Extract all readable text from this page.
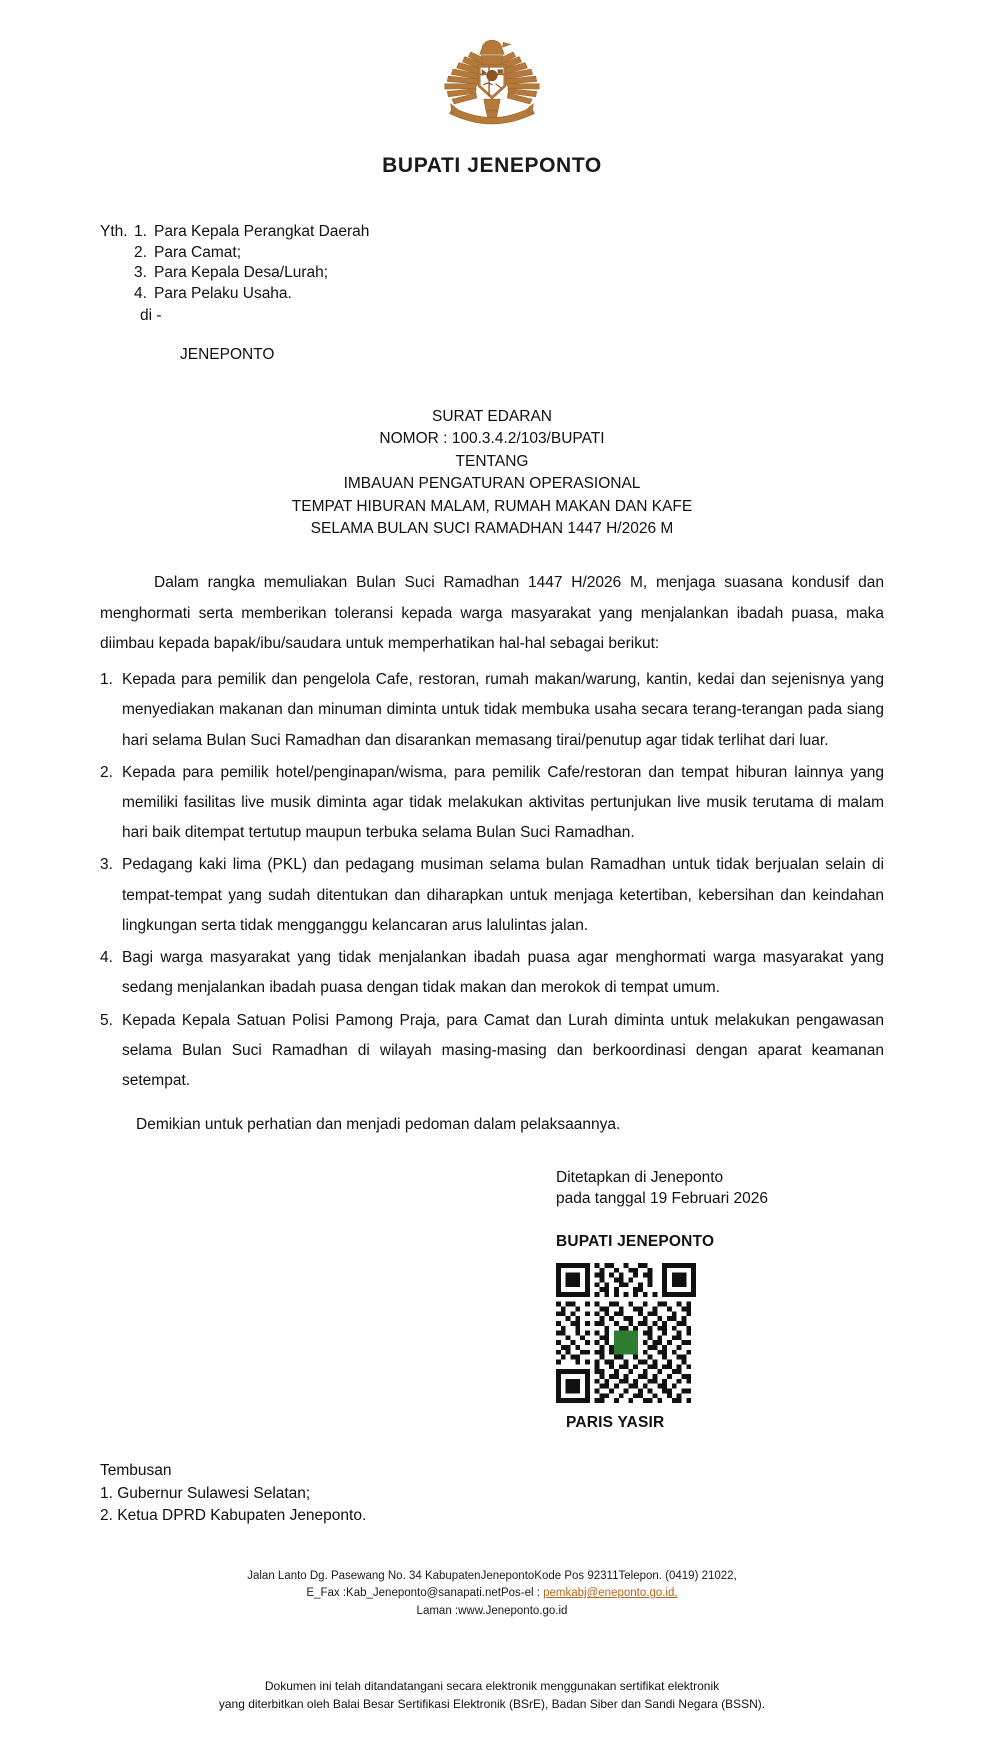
BUPATI JENEPONTO
Yth. 1. Para Kepala Perangkat Daerah
2. Para Camat;
3. Para Kepala Desa/Lurah;
4. Para Pelaku Usaha.
di -
JENEPONTO
SURAT EDARAN
NOMOR : 100.3.4.2/103/BUPATI
TENTANG
IMBAUAN PENGATURAN OPERASIONAL
TEMPAT HIBURAN MALAM, RUMAH MAKAN DAN KAFE
SELAMA BULAN SUCI RAMADHAN 1447 H/2026 M

Dalam rangka memuliakan Bulan Suci Ramadhan 1447 H/2026 M, menjaga suasana kondusif dan menghormati serta memberikan toleransi kepada warga masyarakat yang menjalankan ibadah puasa, maka diimbau kepada bapak/ibu/saudara untuk memperhatikan hal-hal sebagai berikut:

1. Kepada para pemilik dan pengelola Cafe, restoran, rumah makan/warung, kantin, kedai dan sejenisnya yang menyediakan makanan dan minuman diminta untuk tidak membuka usaha secara terang-terangan pada siang hari selama Bulan Suci Ramadhan dan disarankan memasang tirai/penutup agar tidak terlihat dari luar.
2. Kepada para pemilik hotel/penginapan/wisma, para pemilik Cafe/restoran dan tempat hiburan lainnya yang memiliki fasilitas live musik diminta agar tidak melakukan aktivitas pertunjukan live musik terutama di malam hari baik ditempat tertutup maupun terbuka selama Bulan Suci Ramadhan.
3. Pedagang kaki lima (PKL) dan pedagang musiman selama bulan Ramadhan untuk tidak berjualan selain di tempat-tempat yang sudah ditentukan dan diharapkan untuk menjaga ketertiban, kebersihan dan keindahan lingkungan serta tidak mengganggu kelancaran arus lalulintas jalan.
4. Bagi warga masyarakat yang tidak menjalankan ibadah puasa agar menghormati warga masyarakat yang sedang menjalankan ibadah puasa dengan tidak makan dan merokok di tempat umum.
5. Kepada Kepala Satuan Polisi Pamong Praja, para Camat dan Lurah diminta untuk melakukan pengawasan selama Bulan Suci Ramadhan di wilayah masing-masing dan berkoordinasi dengan aparat keamanan setempat.

Demikian untuk perhatian dan menjadi pedoman dalam pelaksaannya.

Ditetapkan di Jeneponto
pada tanggal 19 Februari 2026
BUPATI JENEPONTO
PARIS YASIR
Tembusan
1. Gubernur Sulawesi Selatan;
2. Ketua DPRD Kabupaten Jeneponto.
Jalan Lanto Dg. Pasewang No. 34 KabupatenJenepontoKode Pos 92311Telepon. (0419) 21022,
E_Fax :Kab_Jeneponto@sanapati.netPos-el : pemkabj@eneponto.go.id,
Laman :www.Jeneponto.go.id
Dokumen ini telah ditandatangani secara elektronik menggunakan sertifikat elektronik
yang diterbitkan oleh Balai Besar Sertifikasi Elektronik (BSrE), Badan Siber dan Sandi Negara (BSSN).
